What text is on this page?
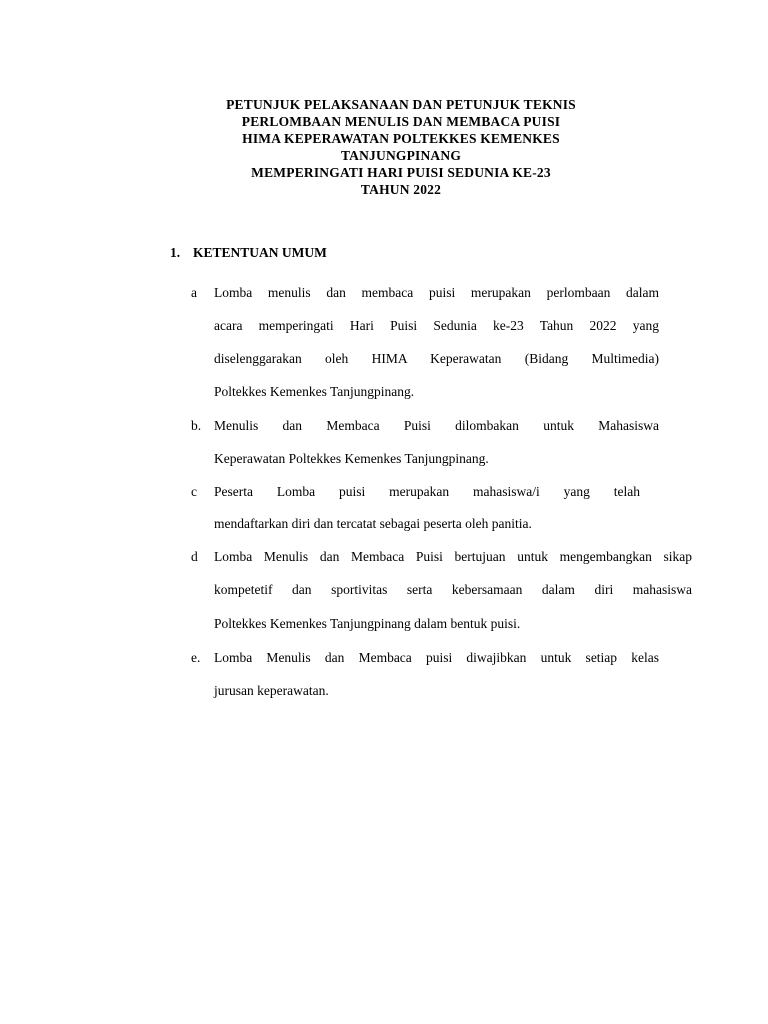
PETUNJUK PELAKSANAAN DAN PETUNJUK TEKNIS
PERLOMBAAN MENULIS DAN MEMBACA PUISI
HIMA KEPERAWATAN POLTEKKES KEMENKES
TANJUNGPINANG
MEMPERINGATI HARI PUISI SEDUNIA KE-23
TAHUN 2022
1. KETENTUAN UMUM
a Lomba menulis dan membaca puisi merupakan perlombaan dalam
acara memperingati Hari Puisi Sedunia ke-23 Tahun 2022 yang
diselenggarakan oleh HIMA Keperawatan (Bidang Multimedia)
Poltekkes Kemenkes Tanjungpinang.
b. Menulis dan Membaca Puisi dilombakan untuk Mahasiswa
Keperawatan Poltekkes Kemenkes Tanjungpinang.
c Peserta Lomba puisi merupakan mahasiswa/i yang telah
mendaftarkan diri dan tercatat sebagai peserta oleh panitia.
d Lomba Menulis dan Membaca Puisi bertujuan untuk mengembangkan sikap
kompetetif dan sportivitas serta kebersamaan dalam diri mahasiswa
Poltekkes Kemenkes Tanjungpinang dalam bentuk puisi.
e. Lomba Menulis dan Membaca puisi diwajibkan untuk setiap kelas
jurusan keperawatan.
